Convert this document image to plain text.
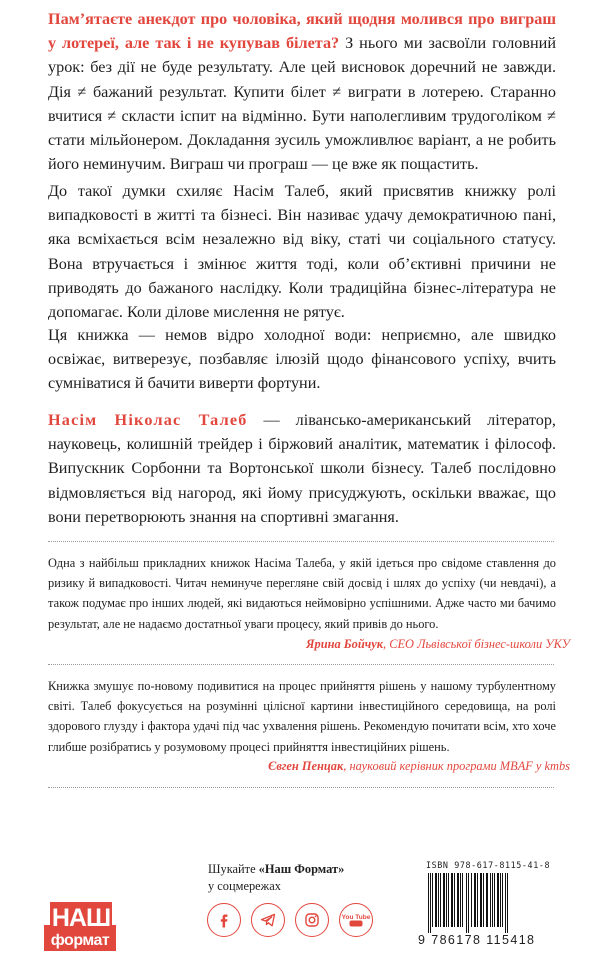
Пам’ятаєте анекдот про чоловіка, який щодня молився про виграш у лотереї, але так і не купував білета? З нього ми засвоїли головний урок: без дії не буде результату. Але цей висновок доречний не завжди. Дія ≠ бажаний результат. Купити білет ≠ виграти в лотерею. Старанно вчитися ≠ скласти іспит на відмінно. Бути наполегливим трудоголіком ≠ стати мільйонером. Докладання зусиль уможливлює варіант, а не робить його неминучим. Виграш чи програш — це вже як пощастить.

До такої думки схиляє Насім Талеб, який присвятив книжку ролі випадковості в житті та бізнесі. Він називає удачу демократичною пані, яка всміхається всім незалежно від віку, статі чи соціального статусу. Вона втручається і змінює життя тоді, коли об’єктивні причини не приводять до бажаного наслідку. Коли традиційна бізнес-література не допомагає. Коли ділове мислення не рятує.

Ця книжка — немов відро холодної води: неприємно, але швидко освіжає, витверезує, позбавляє ілюзій щодо фінансового успіху, вчить сумніватися й бачити виверти фортуни.

Насім Ніколас Талеб — лівансько-американський літератор, науковець, колишній трейдер і біржовий аналітик, математик і філософ. Випускник Сорбонни та Вортонської школи бізнесу. Талеб послідовно відмовляється від нагород, які йому присуджують, оскільки вважає, що вони перетворюють знання на спортивні змагання.

Одна з найбільш прикладних книжок Насіма Талеба, у якій ідеться про свідоме ставлення до ризику й випадковості. Читач неминуче перегляне свій досвід і шлях до успіху (чи невдачі), а також подумає про інших людей, які видаються неймовірно успішними. Адже часто ми бачимо результат, але не надаємо достатньої уваги процесу, який привів до нього.

Ярина Бойчук, CEO Львівської бізнес-школи УКУ

Книжка змушує по-новому подивитися на процес прийняття рішень у нашому турбулентному світі. Талеб фокусується на розумінні цілісної картини інвестиційного середовища, на ролі здорового глузду і фактора удачі під час ухвалення рішень. Рекомендую почитати всім, хто хоче глибше розібратись у розумовому процесі прийняття інвестиційних рішень.

Євген Пенцак, науковий керівник програми MBAF у kmbs

НАШ
формат
Шукайте «Наш Формат»
у соцмережах
You Tube
ISBN 978-617-8115-41-8
9 786178 115418
